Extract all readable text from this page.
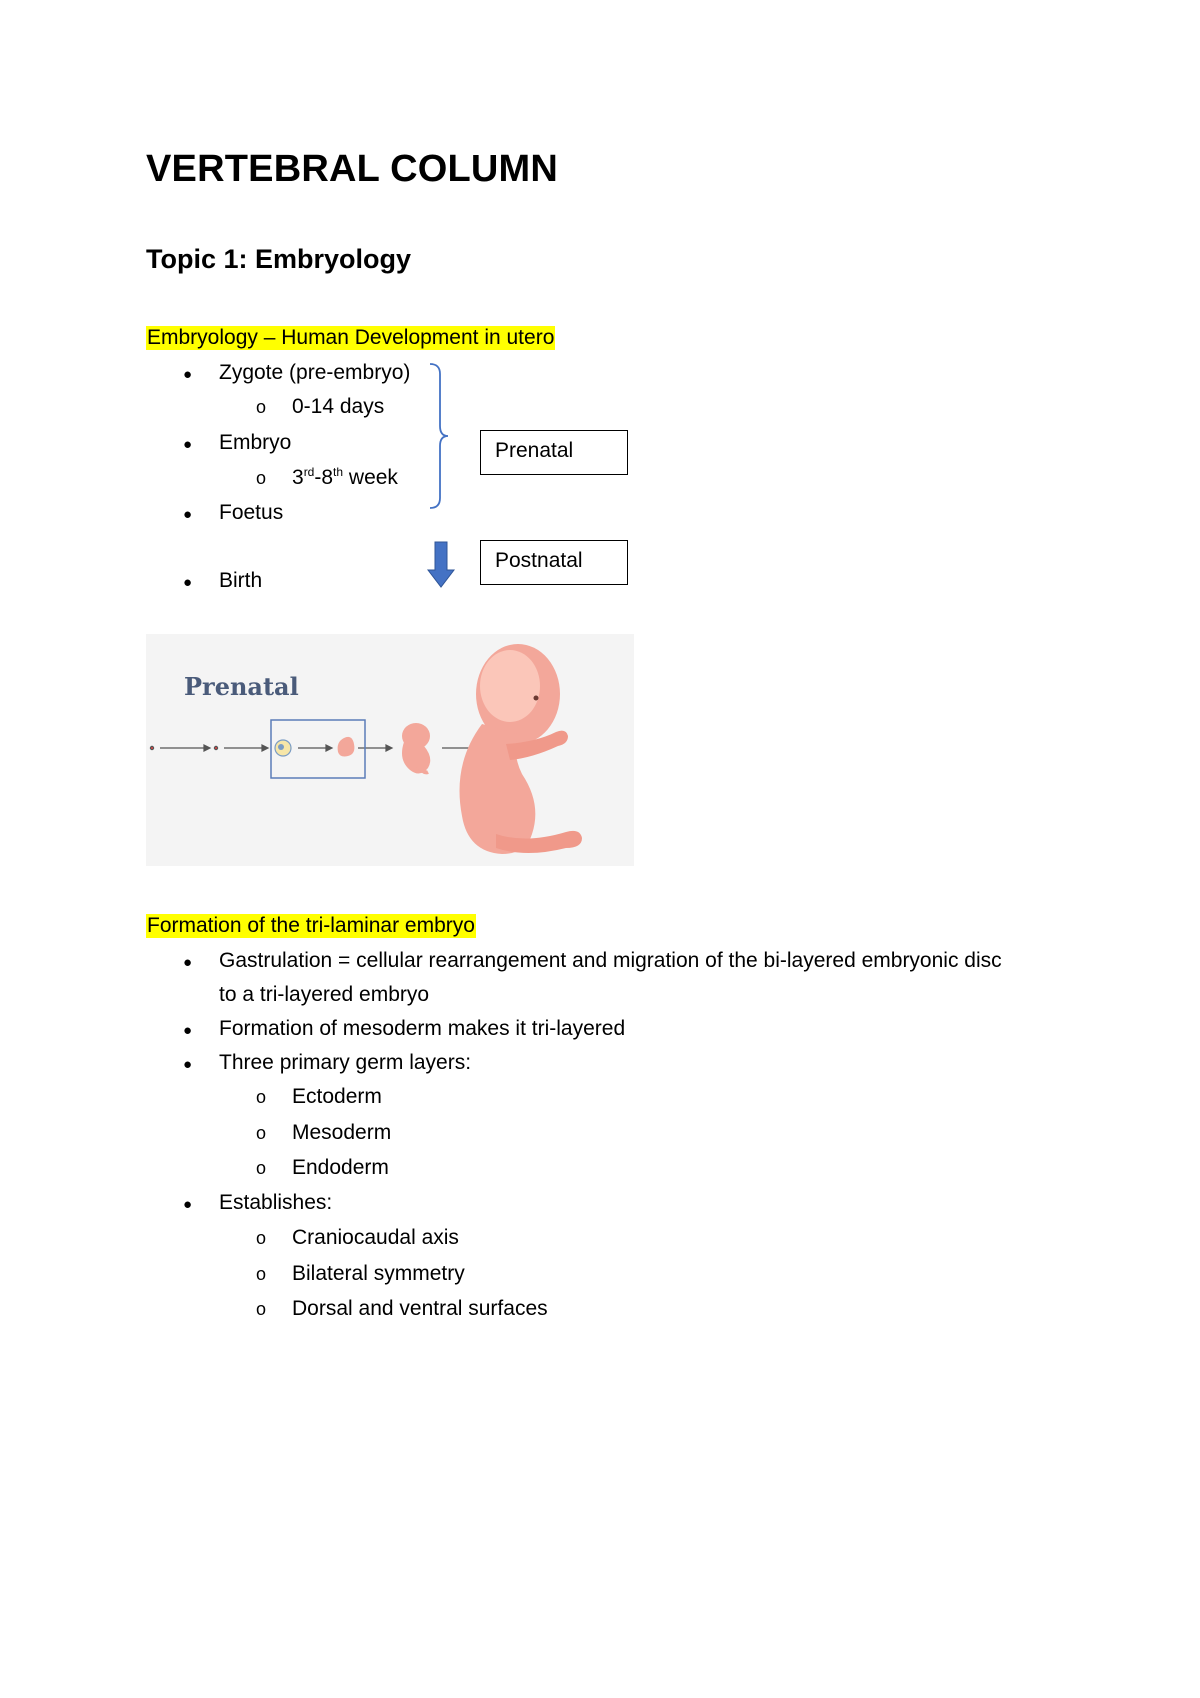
VERTEBRAL COLUMN
Topic 1: Embryology
Embryology – Human Development in utero
● Zygote (pre-embryo)
o 0-14 days
● Embryo
o 3rd-8th week
● Foetus
● Birth
Prenatal
Postnatal
Prenatal
Formation of the tri-laminar embryo
● Gastrulation = cellular rearrangement and migration of the bi-layered embryonic disc
to a tri-layered embryo
● Formation of mesoderm makes it tri-layered
● Three primary germ layers:
o Ectoderm
o Mesoderm
o Endoderm
● Establishes:
o Craniocaudal axis
o Bilateral symmetry
o Dorsal and ventral surfaces
